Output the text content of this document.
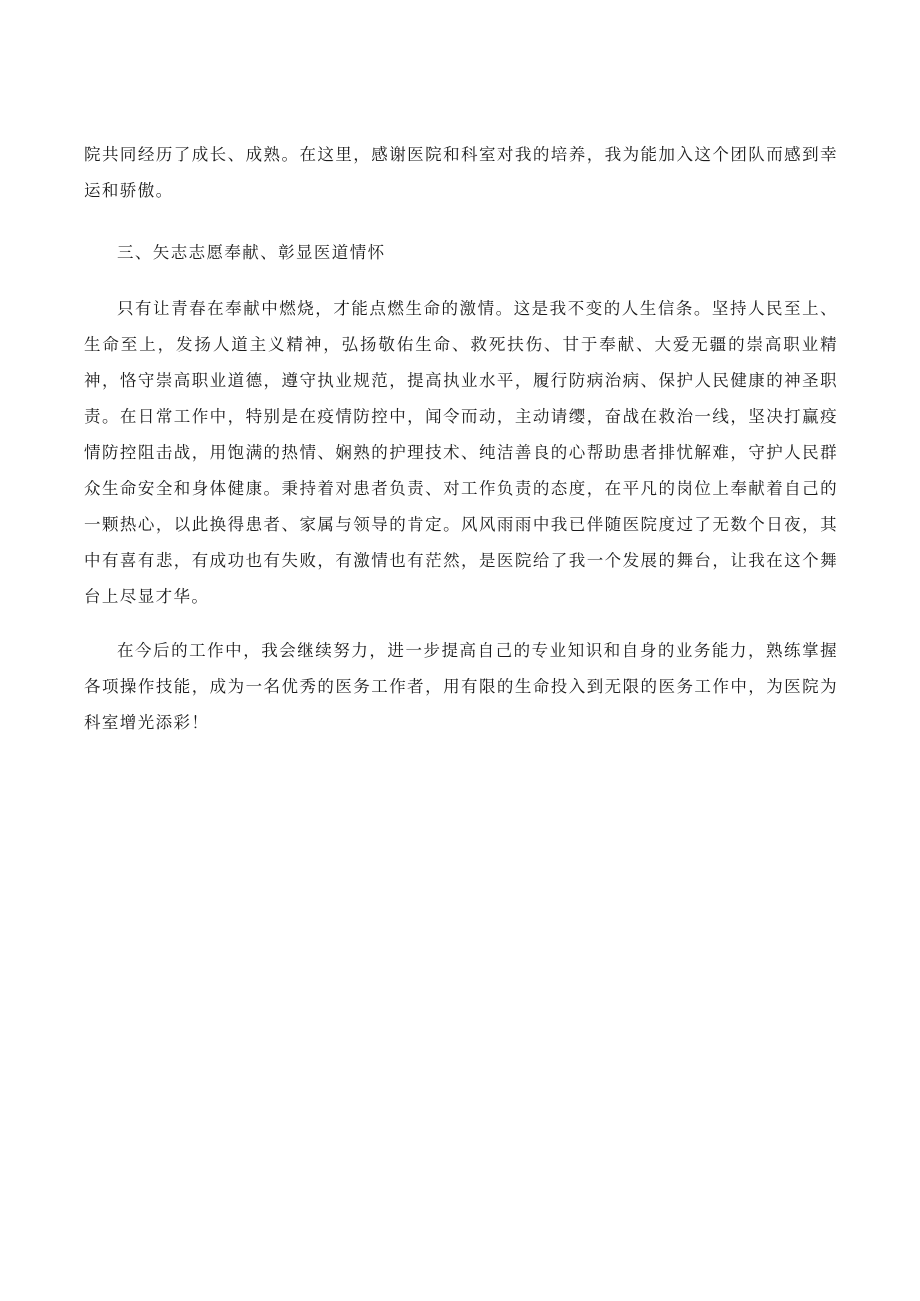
院共同经历了成长、成熟。在这里，感谢医院和科室对我的培养，我为能加入这个团队而感到幸运和骄傲。

三、矢志志愿奉献、彰显医道情怀

只有让青春在奉献中燃烧，才能点燃生命的激情。这是我不变的人生信条。坚持人民至上、生命至上，发扬人道主义精神，弘扬敬佑生命、救死扶伤、甘于奉献、大爱无疆的崇高职业精神，恪守崇高职业道德，遵守执业规范，提高执业水平，履行防病治病、保护人民健康的神圣职责。在日常工作中，特别是在疫情防控中，闻令而动，主动请缨，奋战在救治一线，坚决打赢疫情防控阻击战，用饱满的热情、娴熟的护理技术、纯洁善良的心帮助患者排忧解难，守护人民群众生命安全和身体健康。秉持着对患者负责、对工作负责的态度，在平凡的岗位上奉献着自己的一颗热心，以此换得患者、家属与领导的肯定。风风雨雨中我已伴随医院度过了无数个日夜，其中有喜有悲，有成功也有失败，有激情也有茫然，是医院给了我一个发展的舞台，让我在这个舞台上尽显才华。

在今后的工作中，我会继续努力，进一步提高自己的专业知识和自身的业务能力，熟练掌握各项操作技能，成为一名优秀的医务工作者，用有限的生命投入到无限的医务工作中，为医院为科室增光添彩！
